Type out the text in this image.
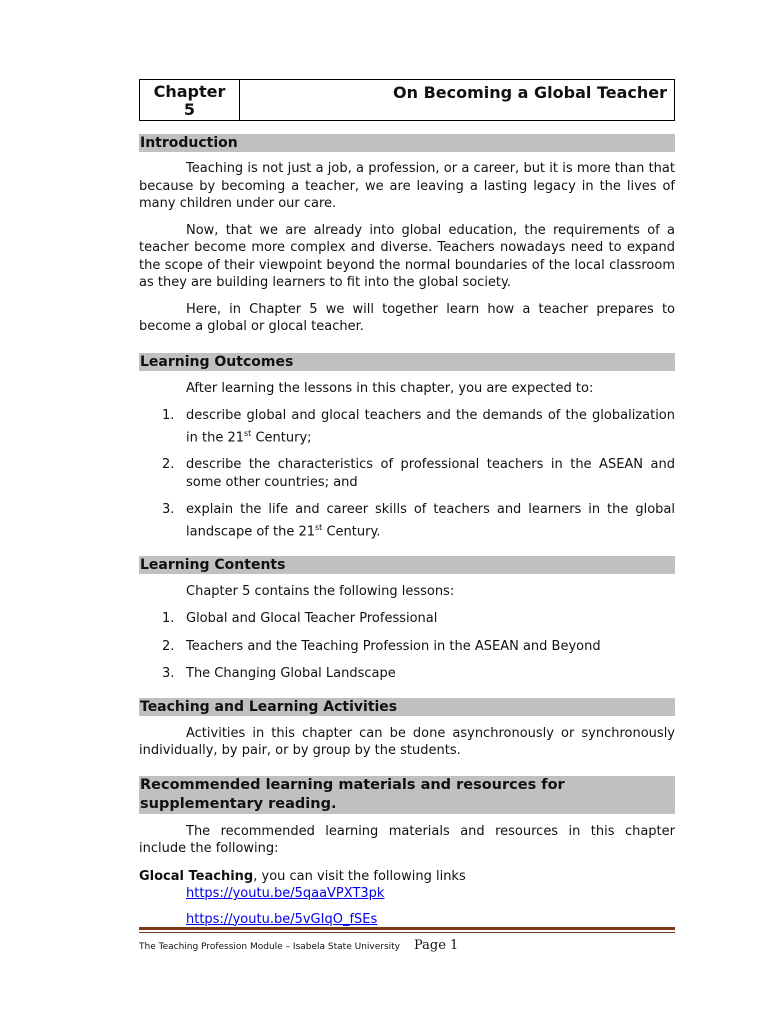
Chapter
5
On Becoming a Global Teacher
Introduction

Teaching is not just a job, a profession, or a career, but it is more than that because by becoming a teacher, we are leaving a lasting legacy in the lives of many children under our care.

Now, that we are already into global education, the requirements of a teacher become more complex and diverse. Teachers nowadays need to expand the scope of their viewpoint beyond the normal boundaries of the local classroom as they are building learners to fit into the global society.

Here, in Chapter 5 we will together learn how a teacher prepares to become a global or glocal teacher.

Learning Outcomes

After learning the lessons in this chapter, you are expected to:

1. describe global and glocal teachers and the demands of the globalization in the 21st Century;
2. describe the characteristics of professional teachers in the ASEAN and some other countries; and
3. explain the life and career skills of teachers and learners in the global landscape of the 21st Century.
Learning Contents

Chapter 5 contains the following lessons:

1. Global and Glocal Teacher Professional
2. Teachers and the Teaching Profession in the ASEAN and Beyond
3. The Changing Global Landscape
Teaching and Learning Activities

Activities in this chapter can be done asynchronously or synchronously individually, by pair, or by group by the students.

Recommended learning materials and resources for supplementary reading.

The recommended learning materials and resources in this chapter include the following:

Glocal Teaching, you can visit the following links

https://youtu.be/5qaaVPXT3pk
https://youtu.be/5vGIqO_fSEs
The Teaching Profession Module – Isabela State University Page 1
